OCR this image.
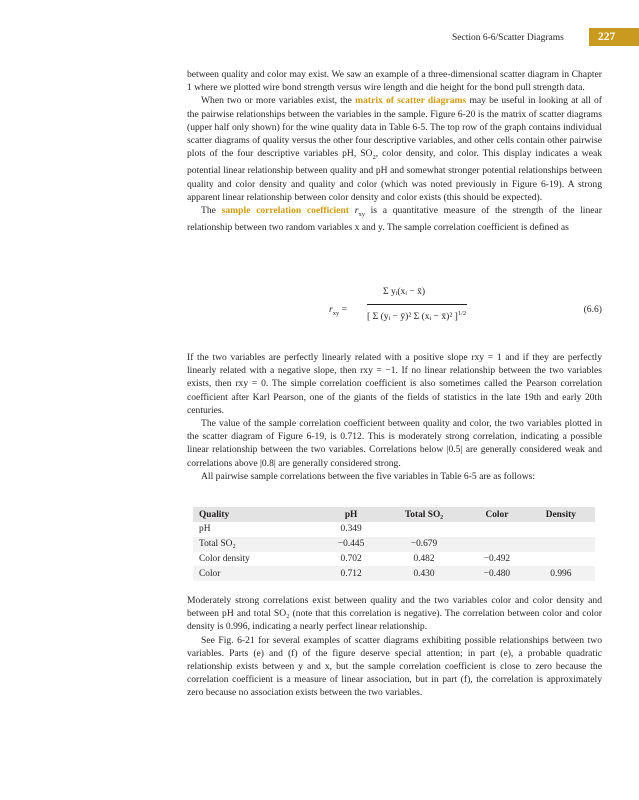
Section 6-6/Scatter Diagrams	227

between quality and color may exist. We saw an example of a three-dimensional scatter diagram in Chapter 1 where we plotted wire bond strength versus wire length and die height for the bond pull strength data.

When two or more variables exist, the matrix of scatter diagrams may be useful in looking at all of the pairwise relationships between the variables in the sample. Figure 6-20 is the matrix of scatter diagrams (upper half only shown) for the wine quality data in Table 6-5. The top row of the graph contains individual scatter diagrams of quality versus the other four descriptive variables, and other cells contain other pairwise plots of the four descriptive variables pH, $SO_2$, color density, and color. This display indicates a weak potential linear relationship between quality and pH and somewhat stronger potential relationships between quality and color density and quality and color (which was noted previously in Figure 6-19). A strong apparent linear relationship between color density and color exists (this should be expected).

The sample correlation coefficient $r_{xy}$ is a quantitative measure of the strength of the linear relationship between two random variables x and y. The sample correlation coefficient is defined as

$r_{xy}$ =
Σ yᵢ(xᵢ − x̄)
[ Σ (yᵢ − ȳ)² Σ (xᵢ − x̄)² ]$^{1/2}$	(6.6)

If the two variables are perfectly linearly related with a positive slope rxy = 1 and if they are perfectly linearly related with a negative slope, then rxy = −1. If no linear relationship between the two variables exists, then rxy = 0. The simple correlation coefficient is also sometimes called the Pearson correlation coefficient after Karl Pearson, one of the giants of the fields of statistics in the late 19th and early 20th centuries.

The value of the sample correlation coefficient between quality and color, the two variables plotted in the scatter diagram of Figure 6-19, is 0.712. This is moderately strong correlation, indicating a possible linear relationship between the two variables. Correlations below |0.5| are generally considered weak and correlations above |0.8| are generally considered strong.

All pairwise sample correlations between the five variables in Table 6-5 are as follows:

Quality	pH	Total SO₂	Color	Density
pH	0.349			
Total SO₂	−0.445	−0.679		
Color density	0.702	0.482	−0.492	
Color	0.712	0.430	−0.480	0.996

Moderately strong correlations exist between quality and the two variables color and color density and between pH and total SO₂ (note that this correlation is negative). The correlation between color and color density is 0.996, indicating a nearly perfect linear relationship.

See Fig. 6-21 for several examples of scatter diagrams exhibiting possible relationships between two variables. Parts (e) and (f) of the figure deserve special attention; in part (e), a probable quadratic relationship exists between y and x, but the sample correlation coefficient is close to zero because the correlation coefficient is a measure of linear association, but in part (f), the correlation is approximately zero because no association exists between the two variables.
